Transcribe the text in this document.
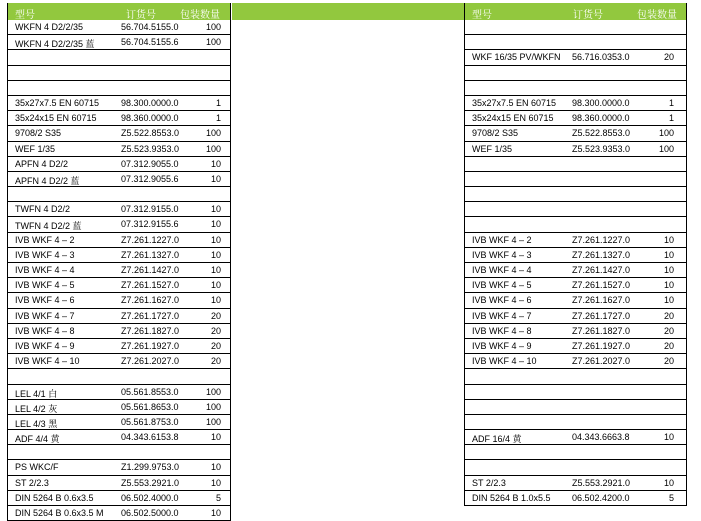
型号	订货号 包装数量
WKFN 4 D2/2/35	56.704.5155.0	100
WKFN 4 D2/2/35 蓝	56.704.5155.6	100
35x27x7.5 EN 60715 98.300.0000.0	1
35x24x15 EN 60715	98.360.0000.0	1
9708/2 S35	Z5.522.8553.0	100
WEF 1/35	Z5.523.9353.0	100
APFN 4 D2/2	07.312.9055.0	10
APFN 4 D2/2 蓝	07.312.9055.6	10
TWFN 4 D2/2	07.312.9155.0	10
TWFN 4 D2/2 蓝	07.312.9155.6	10
IVB WKF 4 – 2	Z7.261.1227.0	10
IVB WKF 4 – 3	Z7.261.1327.0	10
IVB WKF 4 – 4	Z7.261.1427.0	10
IVB WKF 4 – 5	Z7.261.1527.0	10
IVB WKF 4 – 6	Z7.261.1627.0	10
IVB WKF 4 – 7	Z7.261.1727.0	20
IVB WKF 4 – 8	Z7.261.1827.0	20
IVB WKF 4 – 9	Z7.261.1927.0	20
IVB WKF 4 – 10	Z7.261.2027.0	20
LEL 4/1 白	05.561.8553.0	100
LEL 4/2 灰	05.561.8653.0	100
LEL 4/3 黑	05.561.8753.0	100
ADF 4/4 黄	04.343.6153.8	10
PS WKC/F	Z1.299.9753.0	10
ST 2/2.3	Z5.553.2921.0	10
DIN 5264 B 0.6x3.5	06.502.4000.0	5
DIN 5264 B 0.6x3.5 M 06.502.5000.0	10
型号	订货号	包装数量
WKF 16/35 PV/WKFN 56.716.0353.0	20
35x27x7.5 EN 60715 98.300.0000.0	1
35x24x15 EN 60715 98.360.0000.0	1
9708/2 S35	Z5.522.8553.0	100
WEF 1/35	Z5.523.9353.0	100
IVB WKF 4 – 2	Z7.261.1227.0	10
IVB WKF 4 – 3	Z7.261.1327.0	10
IVB WKF 4 – 4	Z7.261.1427.0	10
IVB WKF 4 – 5	Z7.261.1527.0	10
IVB WKF 4 – 6	Z7.261.1627.0	10
IVB WKF 4 – 7	Z7.261.1727.0	20
IVB WKF 4 – 8	Z7.261.1827.0	20
IVB WKF 4 – 9	Z7.261.1927.0	20
IVB WKF 4 – 10	Z7.261.2027.0	20
ADF 16/4 黄	04.343.6663.8	10
ST 2/2.3	Z5.553.2921.0	10
DIN 5264 B 1.0x5.5 06.502.4200.0	5
